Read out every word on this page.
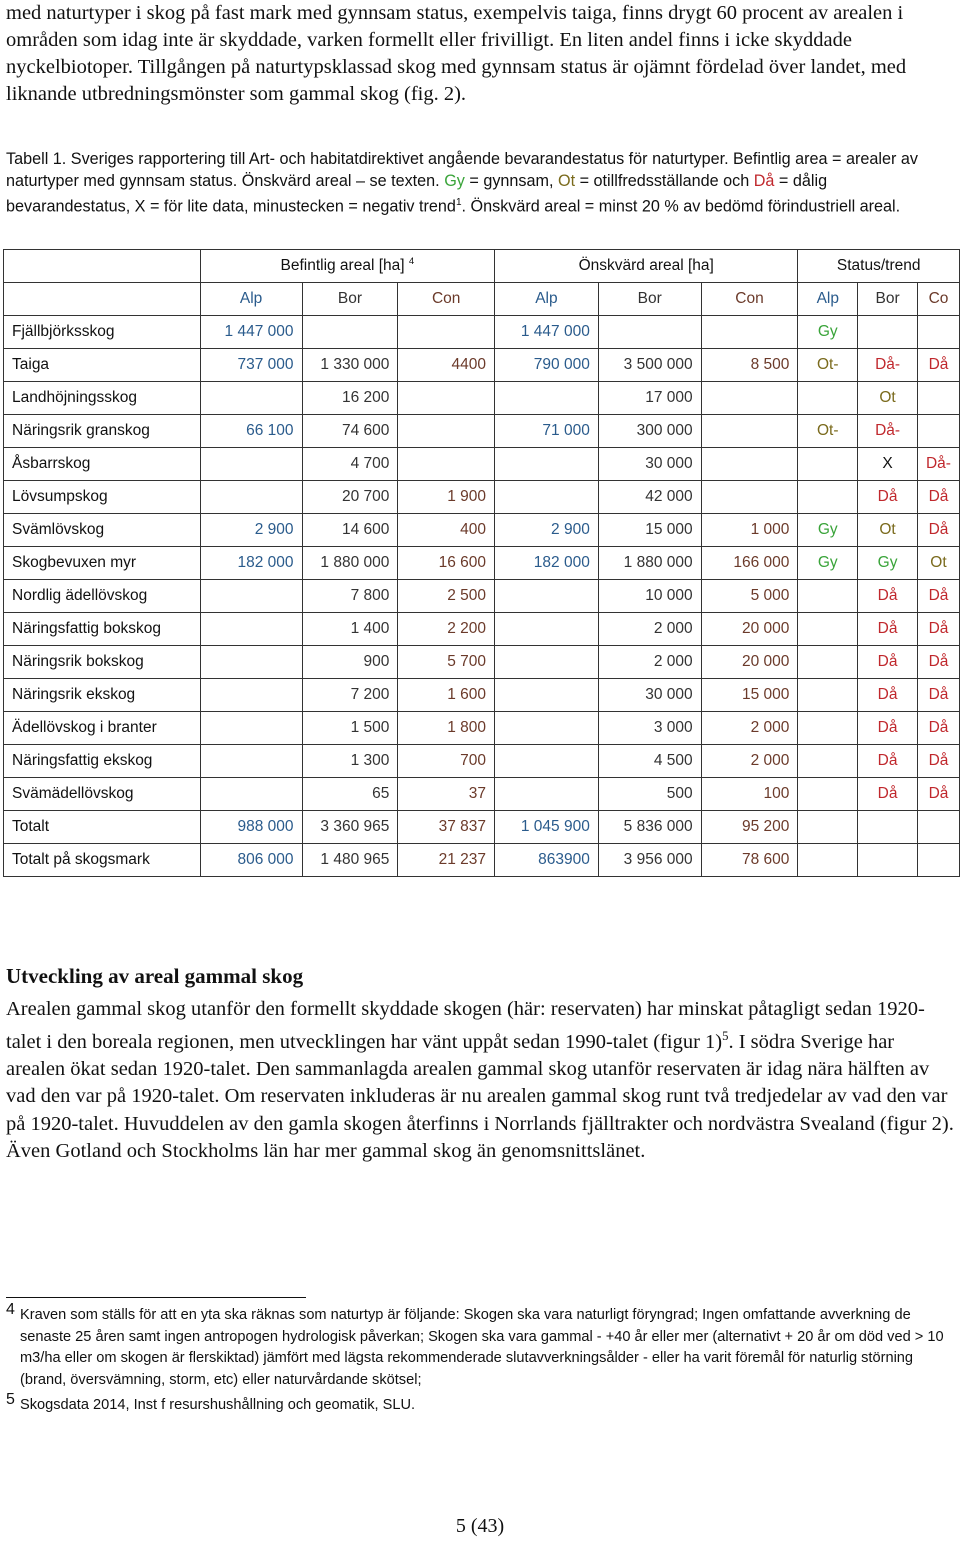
med naturtyper i skog på fast mark med gynnsam status, exempelvis taiga, finns drygt 60 procent av arealen i områden som idag inte är skyddade, varken formellt eller frivilligt. En liten andel finns i icke skyddade nyckelbiotoper. Tillgången på naturtypsklassad skog med gynnsam status är ojämnt fördelad över landet, med liknande utbredningsmönster som gammal skog (fig. 2).

Tabell 1. Sveriges rapportering till Art- och habitatdirektivet angående bevarandestatus för naturtyper. Befintlig area = arealer av naturtyper med gynnsam status. Önskvärd areal – se texten. Gy = gynnsam, Ot = otillfredsställande och Då = dålig bevarandestatus, X = för lite data, minustecken = negativ trend$^1$. Önskvärd areal = minst 20 % av bedömd förindustriell areal.
	Befintlig areal [ha] $^4$			Önskvärd areal [ha]			Status/trend		
	Alp	Bor	Con	Alp	Bor	Con	Alp	Bor	Co
Fjällbjörksskog	1 447 000			1 447 000			Gy		
Taiga	737 000	1 330 000	4400	790 000	3 500 000	8 500	Ot-	Då-	Då
Landhöjningsskog		16 200			17 000			Ot	
Näringsrik granskog	66 100	74 600		71 000	300 000		Ot-	Då-	
Åsbarrskog		4 700			30 000			X	Då-
Lövsumpskog		20 700	1 900		42 000			Då	Då
Svämlövskog	2 900	14 600	400	2 900	15 000	1 000	Gy	Ot	Då
Skogbevuxen myr	182 000	1 880 000	16 600	182 000	1 880 000	166 000	Gy	Gy	Ot
Nordlig ädellövskog		7 800	2 500		10 000	5 000		Då	Då
Näringsfattig bokskog		1 400	2 200		2 000	20 000		Då	Då
Näringsrik bokskog		900	5 700		2 000	20 000		Då	Då
Näringsrik ekskog		7 200	1 600		30 000	15 000		Då	Då
Ädellövskog i branter		1 500	1 800		3 000	2 000		Då	Då
Näringsfattig ekskog		1 300	700		4 500	2 000		Då	Då
Svämädellövskog		65	37		500	100		Då	Då
Totalt	988 000	3 360 965	37 837	1 045 900	5 836 000	95 200			
Totalt på skogsmark	806 000	1 480 965	21 237	863900	3 956 000	78 600			
Utveckling av areal gammal skog

Arealen gammal skog utanför den formellt skyddade skogen (här: reservaten) har minskat påtagligt sedan 1920-talet i den boreala regionen, men utvecklingen har vänt uppåt sedan 1990-talet (figur 1)$^5$. I södra Sverige har arealen ökat sedan 1920-talet. Den sammanlagda arealen gammal skog utanför reservaten är idag nära hälften av vad den var på 1920-talet. Om reservaten inkluderas är nu arealen gammal skog runt två tredjedelar av vad den var på 1920-talet. Huvuddelen av den gamla skogen återfinns i Norrlands fjälltrakter och nordvästra Svealand (figur 2). Även Gotland och Stockholms län har mer gammal skog än genomsnittslänet.

4 Kraven som ställs för att en yta ska räknas som naturtyp är följande: Skogen ska vara naturligt föryngrad; Ingen omfattande avverkning de senaste 25 åren samt ingen antropogen hydrologisk påverkan; Skogen ska vara gammal - +40 år eller mer (alternativt + 20 år om död ved > 10 m3/ha eller om skogen är flerskiktad) jämfört med lägsta rekommenderade slutavverkningsålder - eller ha varit föremål för naturlig störning (brand, översvämning, storm, etc) eller naturvårdande skötsel;
5 Skogsdata 2014, Inst f resurshushållning och geomatik, SLU.
5 (43)
